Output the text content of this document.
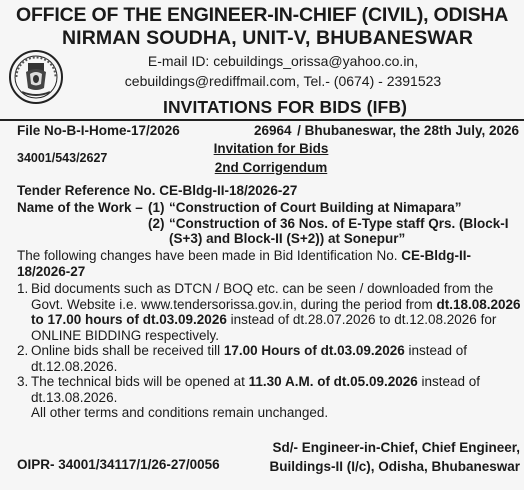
OFFICE OF THE ENGINEER-IN-CHIEF (CIVIL), ODISHA
NIRMAN SOUDHA, UNIT-V, BHUBANESWAR
E-mail ID: cebuildings_orissa@yahoo.co.in,
cebuildings@rediffmail.com, Tel.- (0674) - 2391523
INVITATIONS FOR BIDS (IFB)
File No-B-I-Home-17/2026	26964 / Bhubaneswar, the 28th July, 2026
Invitation for Bids
34001/543/2627
2nd Corrigendum
Tender Reference No. CE-Bldg-II-18/2026-27
Name of the Work – (1) “Construction of Court Building at Nimapara”
(2) “Construction of 36 Nos. of E-Type staff Qrs. (Block-I (S+3) and Block-II (S+2)) at Sonepur”
The following changes have been made in Bid Identification No. CE-Bldg-II-18/2026-27
1. Bid documents such as DTCN / BOQ etc. can be seen / downloaded from the Govt. Website i.e. www.tendersorissa.gov.in, during the period from dt.18.08.2026 to 17.00 hours of dt.03.09.2026 instead of dt.28.07.2026 to dt.12.08.2026 for ONLINE BIDDING respectively.
2. Online bids shall be received till 17.00 Hours of dt.03.09.2026 instead of dt.12.08.2026.
3. The technical bids will be opened at 11.30 A.M. of dt.05.09.2026 instead of dt.13.08.2026.
All other terms and conditions remain unchanged.
Sd/- Engineer-in-Chief, Chief Engineer,
Buildings-II (I/c), Odisha, Bhubaneswar
OIPR- 34001/34117/1/26-27/0056
